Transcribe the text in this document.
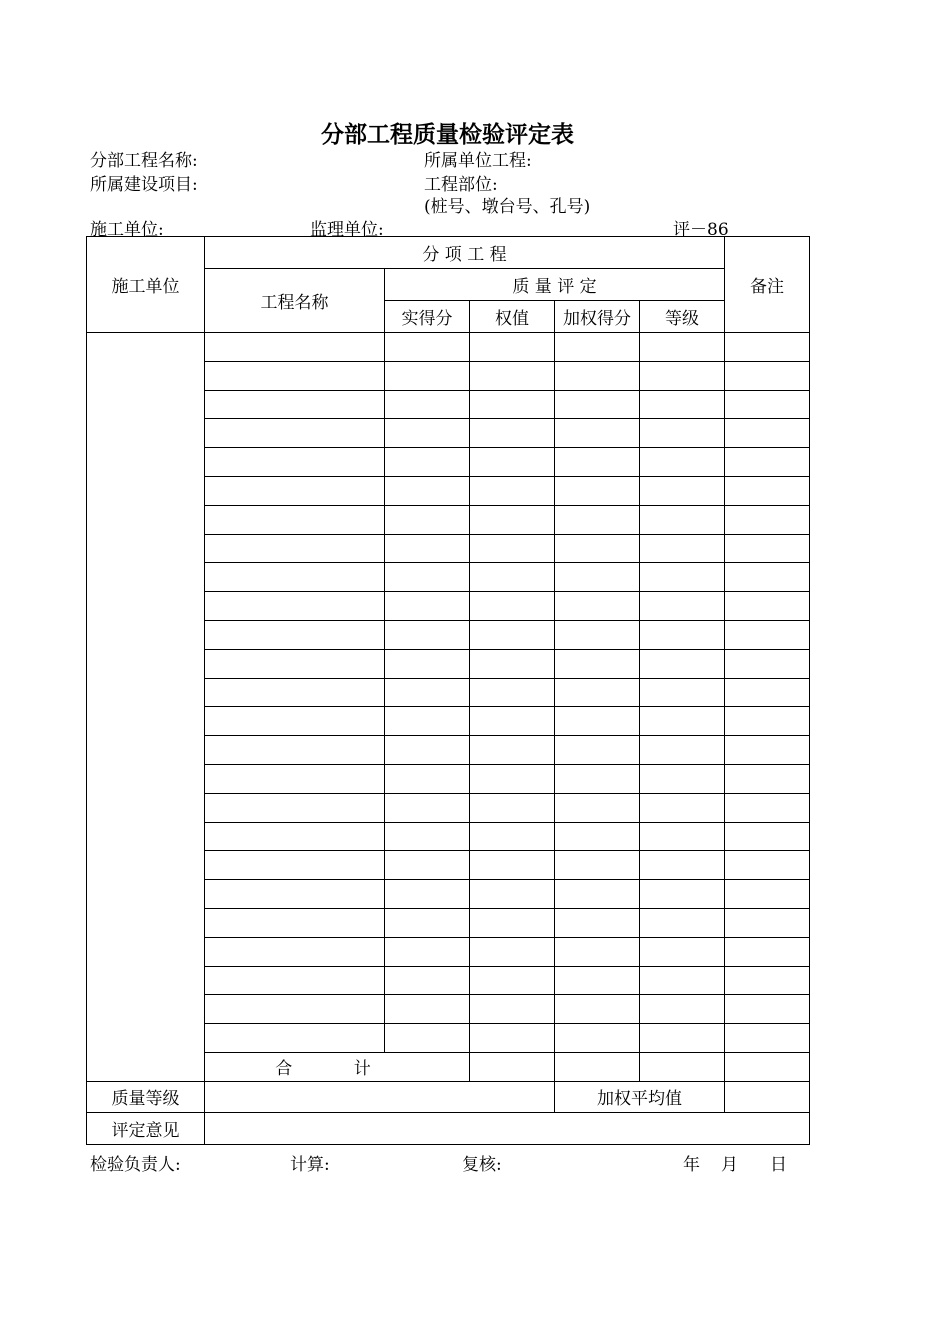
分部工程质量检验评定表
分部工程名称:	所属单位工程:
所属建设项目:	工程部位:
(桩号、墩台号、孔号)
施工单位:	监理单位:	评－86
施工单位	分 项 工 程					备注
	工程名称	质 量 评 定				
		实得分	权值	加权得分	等级	

	合 计					
质量等级				加权平均值		
评定意见						
检验负责人:	计算:	复核:	年 月 日
